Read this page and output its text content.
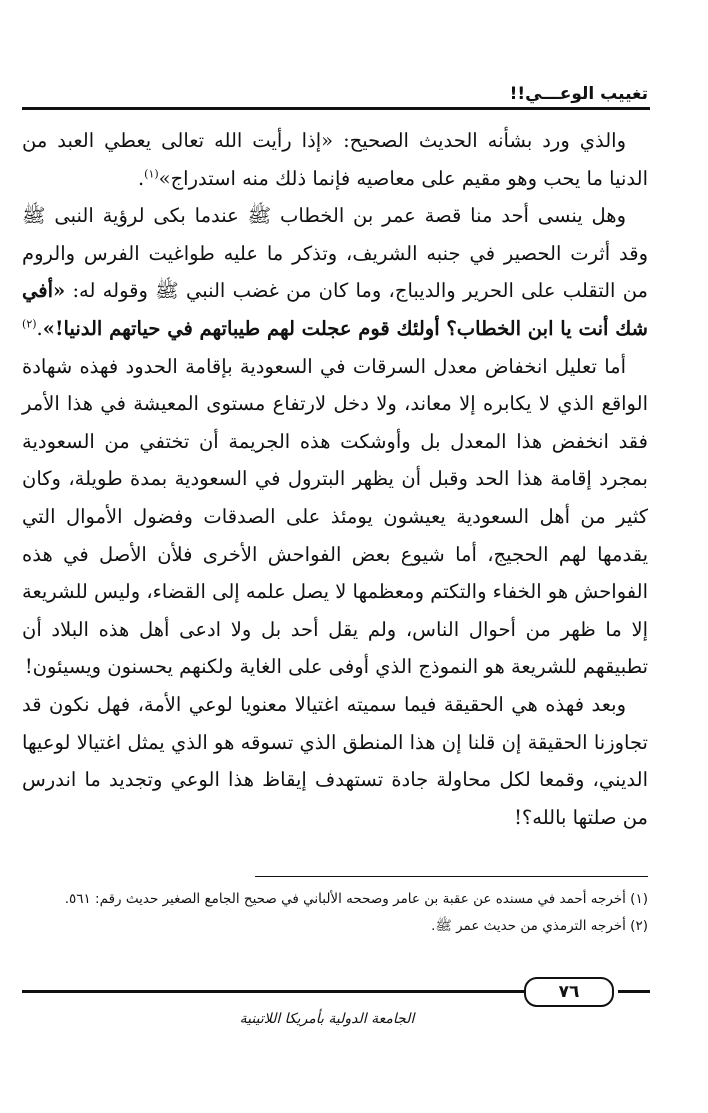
تغييب الوعـــي!!

والذي ورد بشأنه الحديث الصحيح: «إذا رأيت الله تعالى يعطي العبد من الدنيا ما يحب وهو مقيم على معاصيه فإنما ذلك منه استدراج»$^{(١)}$.

وهل ينسى أحد منا قصة عمر بن الخطاب ﷺ عندما بكى لرؤية النبى ﷺ وقد أثرت الحصير في جنبه الشريف، وتذكر ما عليه طواغيت الفرس والروم من التقلب على الحرير والديباج، وما كان من غضب النبي ﷺ وقوله له: «أفي شك أنت يا ابن الخطاب؟ أولئك قوم عجلت لهم طيباتهم في حياتهم الدنيا!».$^{(٢)}$

أما تعليل انخفاض معدل السرقات في السعودية بإقامة الحدود فهذه شهادة الواقع الذي لا يكابره إلا معاند، ولا دخل لارتفاع مستوى المعيشة في هذا الأمر فقد انخفض هذا المعدل بل وأوشكت هذه الجريمة أن تختفي من السعودية بمجرد إقامة هذا الحد وقبل أن يظهر البترول في السعودية بمدة طويلة، وكان كثير من أهل السعودية يعيشون يومئذ على الصدقات وفضول الأموال التي يقدمها لهم الحجيج، أما شيوع بعض الفواحش الأخرى فلأن الأصل في هذه الفواحش هو الخفاء والتكتم ومعظمها لا يصل علمه إلى القضاء، وليس للشريعة إلا ما ظهر من أحوال الناس، ولم يقل أحد بل ولا ادعى أهل هذه البلاد أن تطبيقهم للشريعة هو النموذج الذي أوفى على الغاية ولكنهم يحسنون ويسيئون!

وبعد فهذه هي الحقيقة فيما سميته اغتيالا معنويا لوعي الأمة، فهل نكون قد تجاوزنا الحقيقة إن قلنا إن هذا المنطق الذي تسوقه هو الذي يمثل اغتيالا لوعيها الديني، وقمعا لكل محاولة جادة تستهدف إيقاظ هذا الوعي وتجديد ما اندرس من صلتها بالله؟!

(١) أخرجه أحمد في مسنده عن عقبة بن عامر وصححه الألباني في صحيح الجامع الصغير حديث رقم: ٥٦١.
(٢) أخرجه الترمذي من حديث عمر ﷺ.
٧٦
الجامعة الدولية بأمريكا اللاتينية
